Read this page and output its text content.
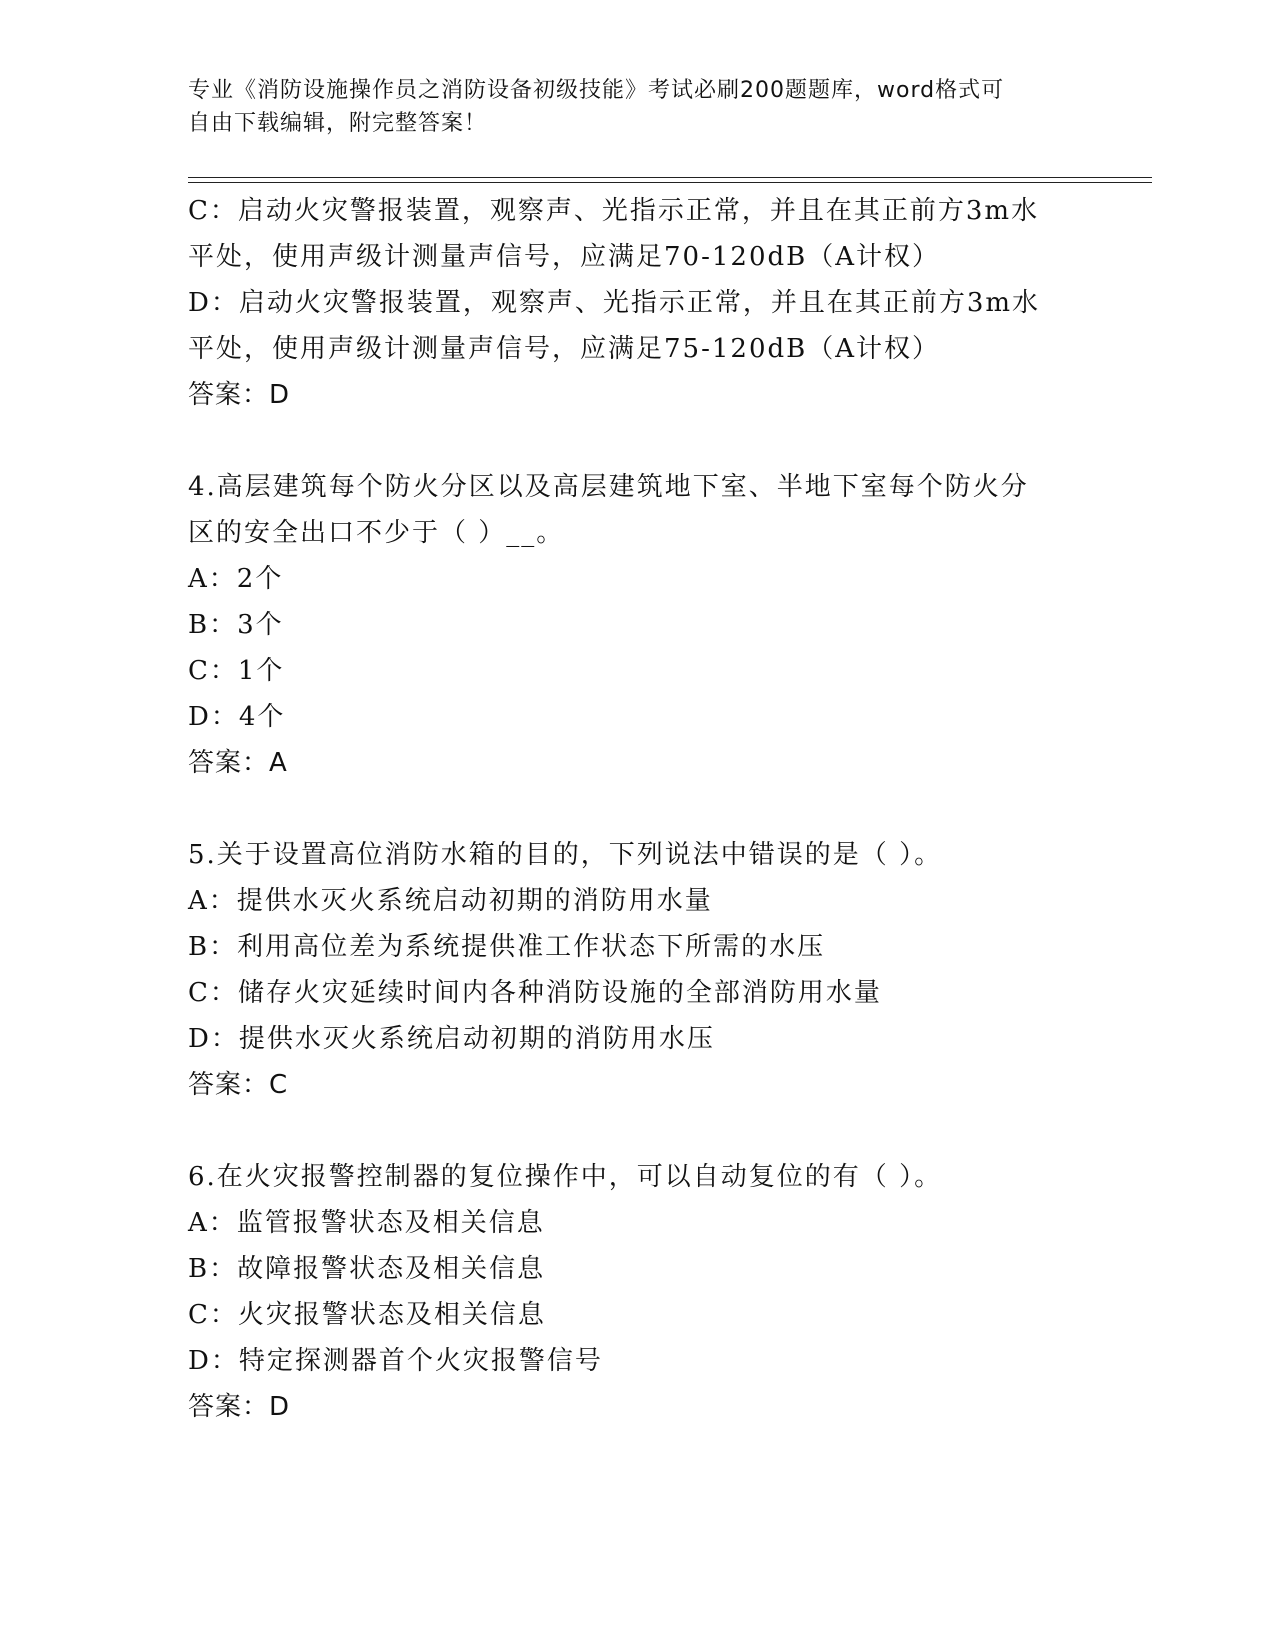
专业《消防设施操作员之消防设备初级技能》考试必刷200题题库，word格式可
自由下载编辑，附完整答案！
C：启动火灾警报装置，观察声、光指示正常，并且在其正前方3m水
平处，使用声级计测量声信号，应满足70-120dB（A计权）
D：启动火灾警报装置，观察声、光指示正常，并且在其正前方3m水
平处，使用声级计测量声信号，应满足75-120dB（A计权）
答案：D
4.高层建筑每个防火分区以及高层建筑地下室、半地下室每个防火分
区的安全出口不少于（ ）__。
A：2个
B：3个
C：1个
D：4个
答案：A
5.关于设置高位消防水箱的目的，下列说法中错误的是（ ）。
A：提供水灭火系统启动初期的消防用水量
B：利用高位差为系统提供准工作状态下所需的水压
C：储存火灾延续时间内各种消防设施的全部消防用水量
D：提供水灭火系统启动初期的消防用水压
答案：C
6.在火灾报警控制器的复位操作中，可以自动复位的有（ ）。
A：监管报警状态及相关信息
B：故障报警状态及相关信息
C：火灾报警状态及相关信息
D：特定探测器首个火灾报警信号
答案：D
